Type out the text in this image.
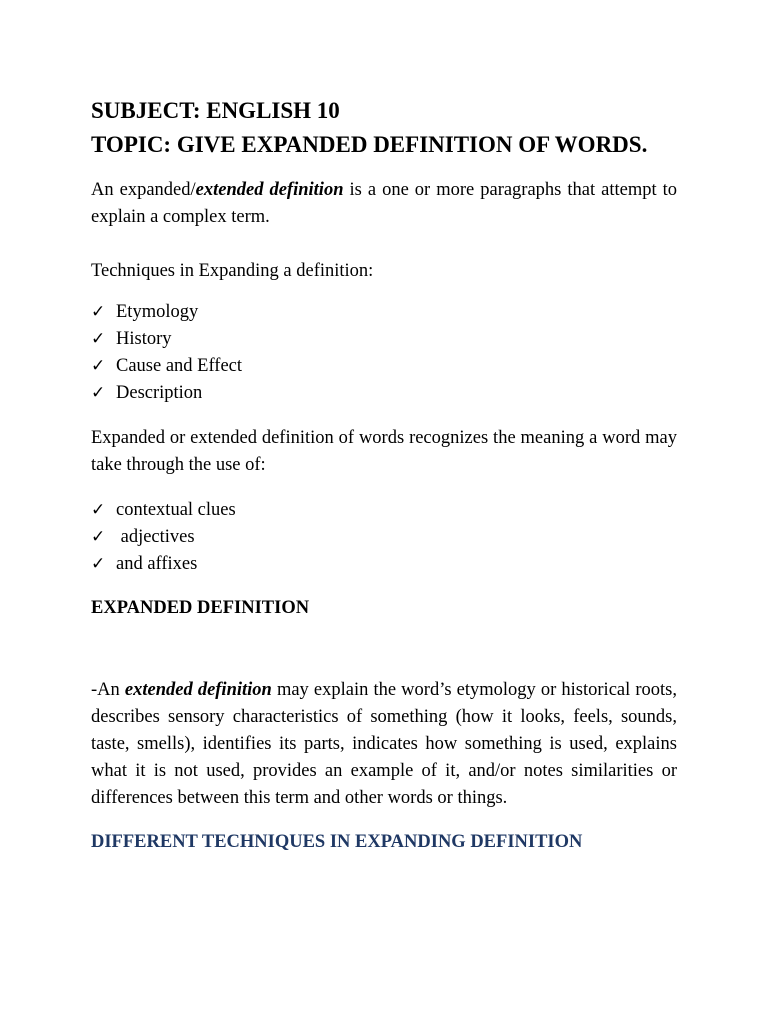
SUBJECT: ENGLISH 10
TOPIC: GIVE EXPANDED DEFINITION OF WORDS.

An expanded/extended definition is a one or more paragraphs that attempt to explain a complex term.

Techniques in Expanding a definition:

✓ Etymology
✓ History
✓ Cause and Effect
✓ Description

Expanded or extended definition of words recognizes the meaning a word may take through the use of:

✓ contextual clues
✓ adjectives
✓ and affixes
EXPANDED DEFINITION

-An extended definition may explain the word’s etymology or historical roots, describes sensory characteristics of something (how it looks, feels, sounds, taste, smells), identifies its parts, indicates how something is used, explains what it is not used, provides an example of it, and/or notes similarities or differences between this term and other words or things.

DIFFERENT TECHNIQUES IN EXPANDING DEFINITION
